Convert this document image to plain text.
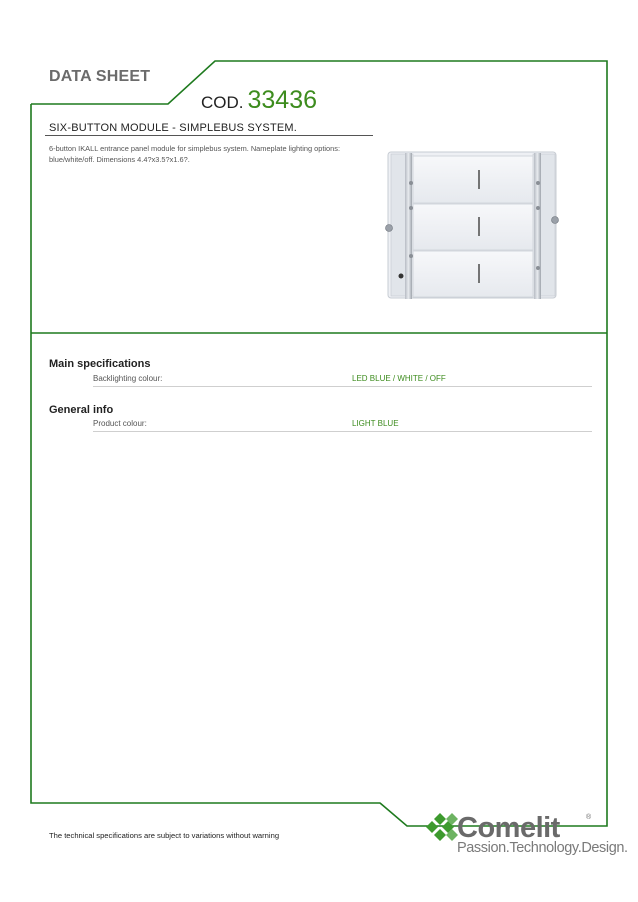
DATA SHEET
COD. 33436
SIX-BUTTON MODULE - SIMPLEBUS SYSTEM.
6-button IKALL entrance panel module for simplebus system. Nameplate lighting options: blue/white/off. Dimensions 4.4?x3.5?x1.6?.
Main specifications
Backlighting colour:	LED BLUE / WHITE / OFF
General info
Product colour:	LIGHT BLUE
The technical specifications are subject to variations without warning	Comelit	®
Passion.Technology.Design.
